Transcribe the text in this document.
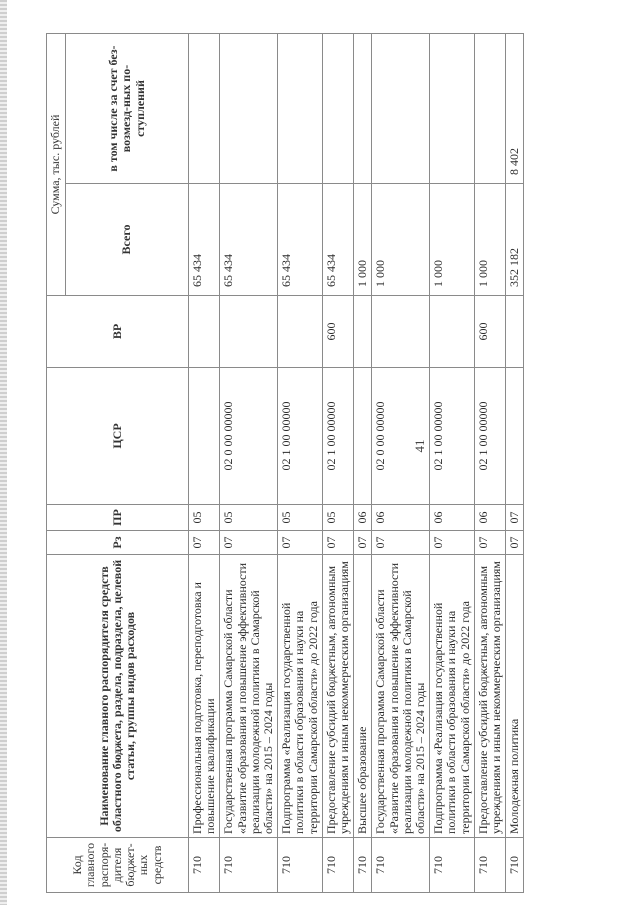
41
Код главного распоря-дителя бюджет-ных средств	Наименование главного распорядителя средств областного бюджета, раздела, подраздела, целевой статьи, группы видов расходов	Рз	ПР	ЦСР	ВР	Сумма, тыс. рублей	
						Всего	в том числе за счет без-возмезд-ных по-ступлений
710	Профессиональная подготовка, переподготовка и повышение квалификации	07	05			65 434	
710	Государственная программа Самарской области «Развитие образования и повышение эффективности реализации молодежной политики в Самарской области» на 2015 – 2024 годы	07	05	02 0 00 00000		65 434	
710	Подпрограмма «Реализация государственной политики в области образования и науки на территории Самарской области» до 2022 года	07	05	02 1 00 00000		65 434	
710	Предоставление субсидий бюджетным, автономным учреждениям и иным некоммерческим организациям	07	05	02 1 00 00000	600	65 434	
710	Высшее образование	07	06			1 000	
710	Государственная программа Самарской области «Развитие образования и повышение эффективности реализации молодежной политики в Самарской области» на 2015 – 2024 годы	07	06	02 0 00 00000		1 000	
710	Подпрограмма «Реализация государственной политики в области образования и науки на территории Самарской области» до 2022 года	07	06	02 1 00 00000		1 000	
710	Предоставление субсидий бюджетным, автономным учреждениям и иным некоммерческим организациям	07	06	02 1 00 00000	600	1 000	
710	Молодежная политика	07	07			352 182	8 402
